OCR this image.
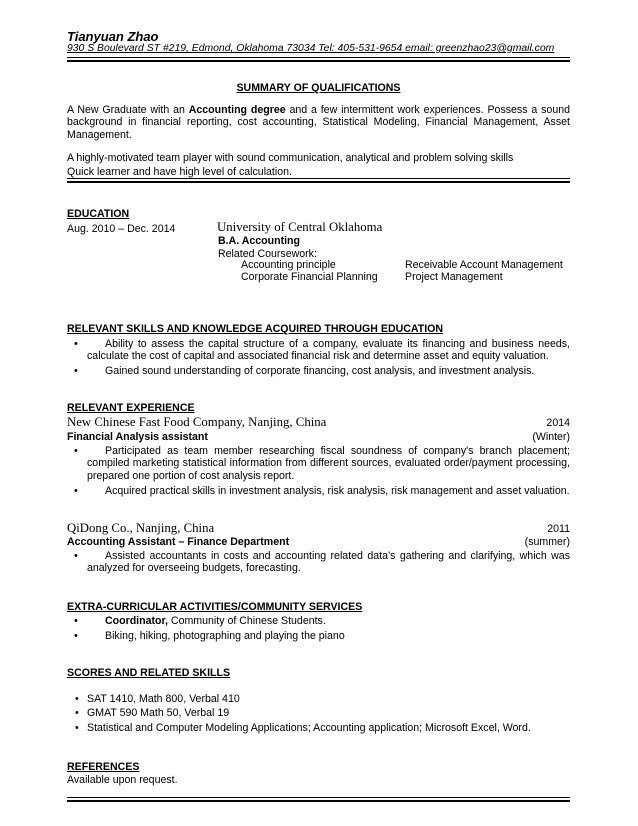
Tianyuan Zhao
930 S Boulevard ST #219, Edmond, Oklahoma 73034 Tel: 405-531-9654 email: greenzhao23@gmail.com
SUMMARY OF QUALIFICATIONS
A New Graduate with an Accounting degree and a few intermittent work experiences. Possess a sound background in financial reporting, cost accounting, Statistical Modeling, Financial Management, Asset Management.
A highly-motivated team player with sound communication, analytical and problem solving skills
Quick learner and have high level of calculation.
EDUCATION
Aug. 2010 – Dec. 2014	University of Central Oklahoma
B.A. Accounting
Related Coursework:
Accounting principle	Receivable Account Management
Corporate Financial Planning	Project Management
RELEVANT SKILLS AND KNOWLEDGE ACQUIRED THROUGH EDUCATION
•	Ability to assess the capital structure of a company, evaluate its financing and business needs, calculate the cost of capital and associated financial risk and determine asset and equity valuation.
•	Gained sound understanding of corporate financing, cost analysis, and investment analysis.
RELEVANT EXPERIENCE
New Chinese Fast Food Company, Nanjing, China	2014
Financial Analysis assistant	(Winter)
•	Participated as team member researching fiscal soundness of company's branch placement; compiled marketing statistical information from different sources, evaluated order/payment processing, prepared one portion of cost analysis report.
•	Acquired practical skills in investment analysis, risk analysis, risk management and asset valuation.
QiDong Co., Nanjing, China	2011
Accounting Assistant – Finance Department	(summer)
•	Assisted accountants in costs and accounting related data’s gathering and clarifying, which was analyzed for overseeing budgets, forecasting.
EXTRA-CURRICULAR ACTIVITIES/COMMUNITY SERVICES
•	Coordinator, Community of Chinese Students.
•	Biking, hiking, photographing and playing the piano
SCORES AND RELATED SKILLS
• SAT 1410, Math 800, Verbal 410
• GMAT 590 Math 50, Verbal 19
• Statistical and Computer Modeling Applications; Accounting application; Microsoft Excel, Word.
REFERENCES
Available upon request.
